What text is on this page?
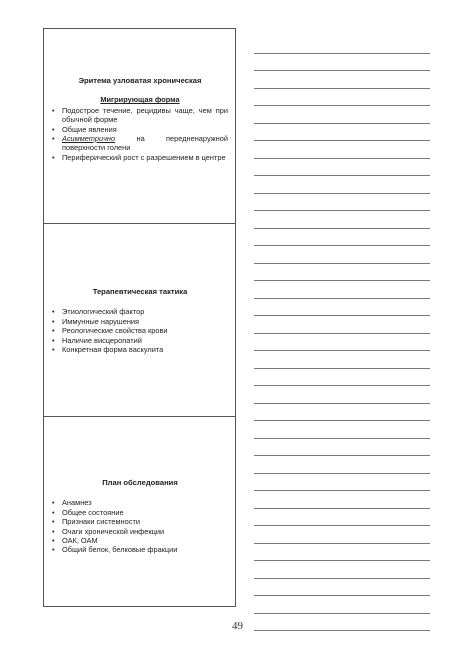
Эритема узловатая хроническая
Мигрирующая форма
• Подострое течение, рецидивы чаще, чем при обычной форме
• Общие явления
• Асимметрично	на передненаружной поверхности голени
• Периферический рост с разрешением в центре
Терапевтическая тактика
• Этиологический фактор
• Иммунные нарушения
• Реологические свойства крови
• Наличие висцеропатий
• Конкретная форма васкулита
План обследования
• Анамнез
• Общее состояние
• Признаки системности
• Очаги хронической инфекции
• ОАК, ОАМ
• Общий белок, белковые фракции
49
